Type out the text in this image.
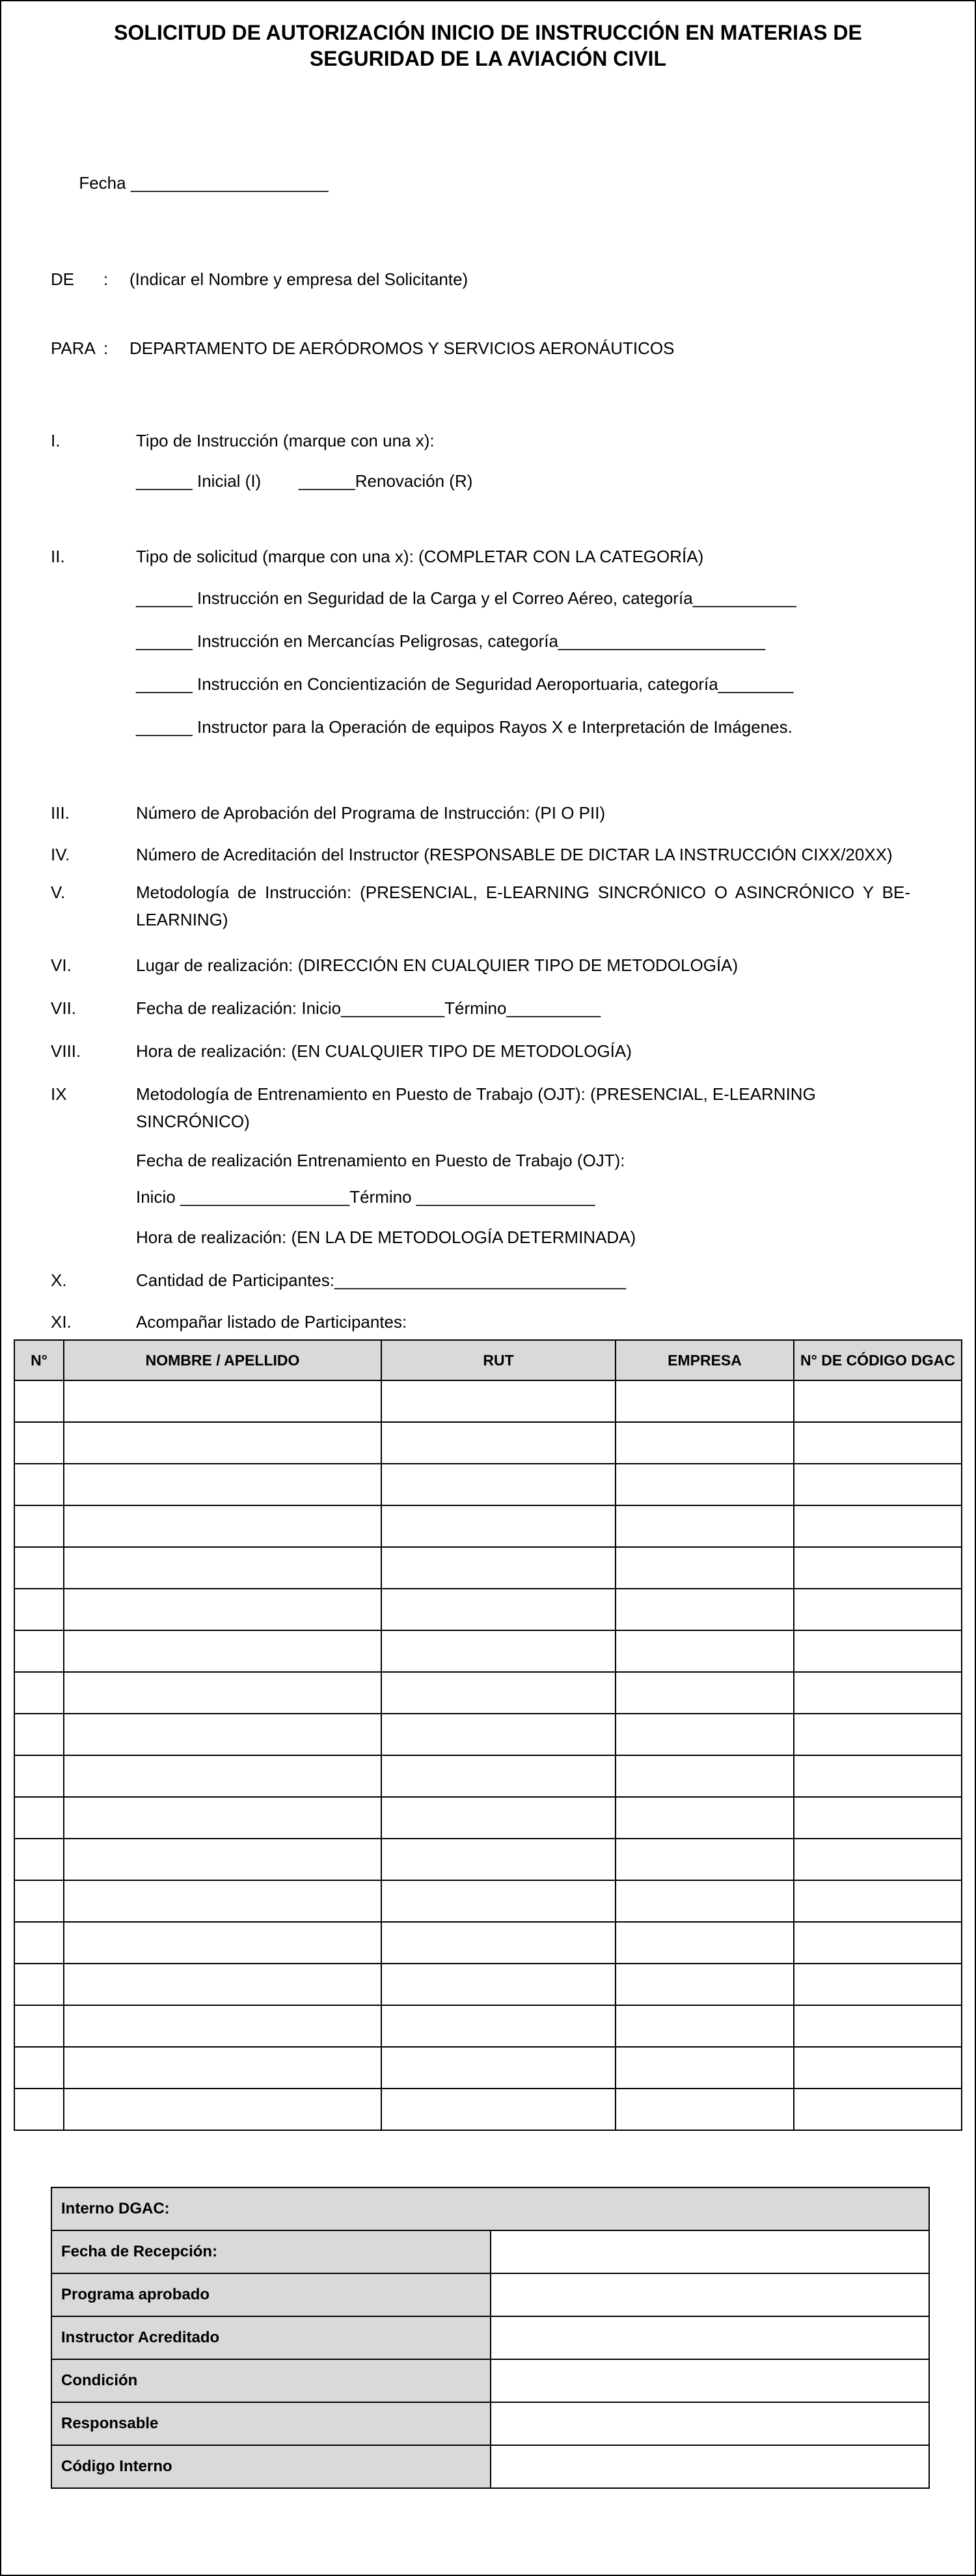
SOLICITUD DE AUTORIZACIÓN INICIO DE INSTRUCCIÓN EN MATERIAS DE
SEGURIDAD DE LA AVIACIÓN CIVIL

Fecha _____________________

DE	:	(Indicar el Nombre y empresa del Solicitante)
PARA :	DEPARTAMENTO DE AERÓDROMOS Y SERVICIOS AERONÁUTICOS
I.	Tipo de Instrucción (marque con una x):
______ Inicial (I)        ______Renovación (R)
II.	Tipo de solicitud (marque con una x): (COMPLETAR CON LA CATEGORÍA)
______ Instrucción en Seguridad de la Carga y el Correo Aéreo, categoría___________
______ Instrucción en Mercancías Peligrosas, categoría______________________
______ Instrucción en Concientización de Seguridad Aeroportuaria, categoría________
______ Instructor para la Operación de equipos Rayos X e Interpretación de Imágenes.
III.	Número de Aprobación del Programa de Instrucción: (PI O PII)
IV.	Número de Acreditación del Instructor (RESPONSABLE DE DICTAR LA INSTRUCCIÓN CIXX/20XX)
V.	Metodología de Instrucción: (PRESENCIAL, E-LEARNING SINCRÓNICO O ASINCRÓNICO Y BE-LEARNING)
VI.	Lugar de realización: (DIRECCIÓN EN CUALQUIER TIPO DE METODOLOGÍA)
VII.	Fecha de realización: Inicio___________Término__________
VIII.	Hora de realización: (EN CUALQUIER TIPO DE METODOLOGÍA)
IX	Metodología de Entrenamiento en Puesto de Trabajo (OJT): (PRESENCIAL, E-LEARNING SINCRÓNICO)
Fecha de realización Entrenamiento en Puesto de Trabajo (OJT):
Inicio __________________Término ___________________
Hora de realización: (EN LA DE METODOLOGÍA DETERMINADA)
X.	Cantidad de Participantes:_______________________________
XI.	Acompañar listado de Participantes:
N°	NOMBRE / APELLIDO	RUT	EMPRESA	N° DE CÓDIGO DGAC

Interno DGAC:	
Fecha de Recepción:	
Programa aprobado	
Instructor Acreditado	
Condición	
Responsable	
Código Interno	
